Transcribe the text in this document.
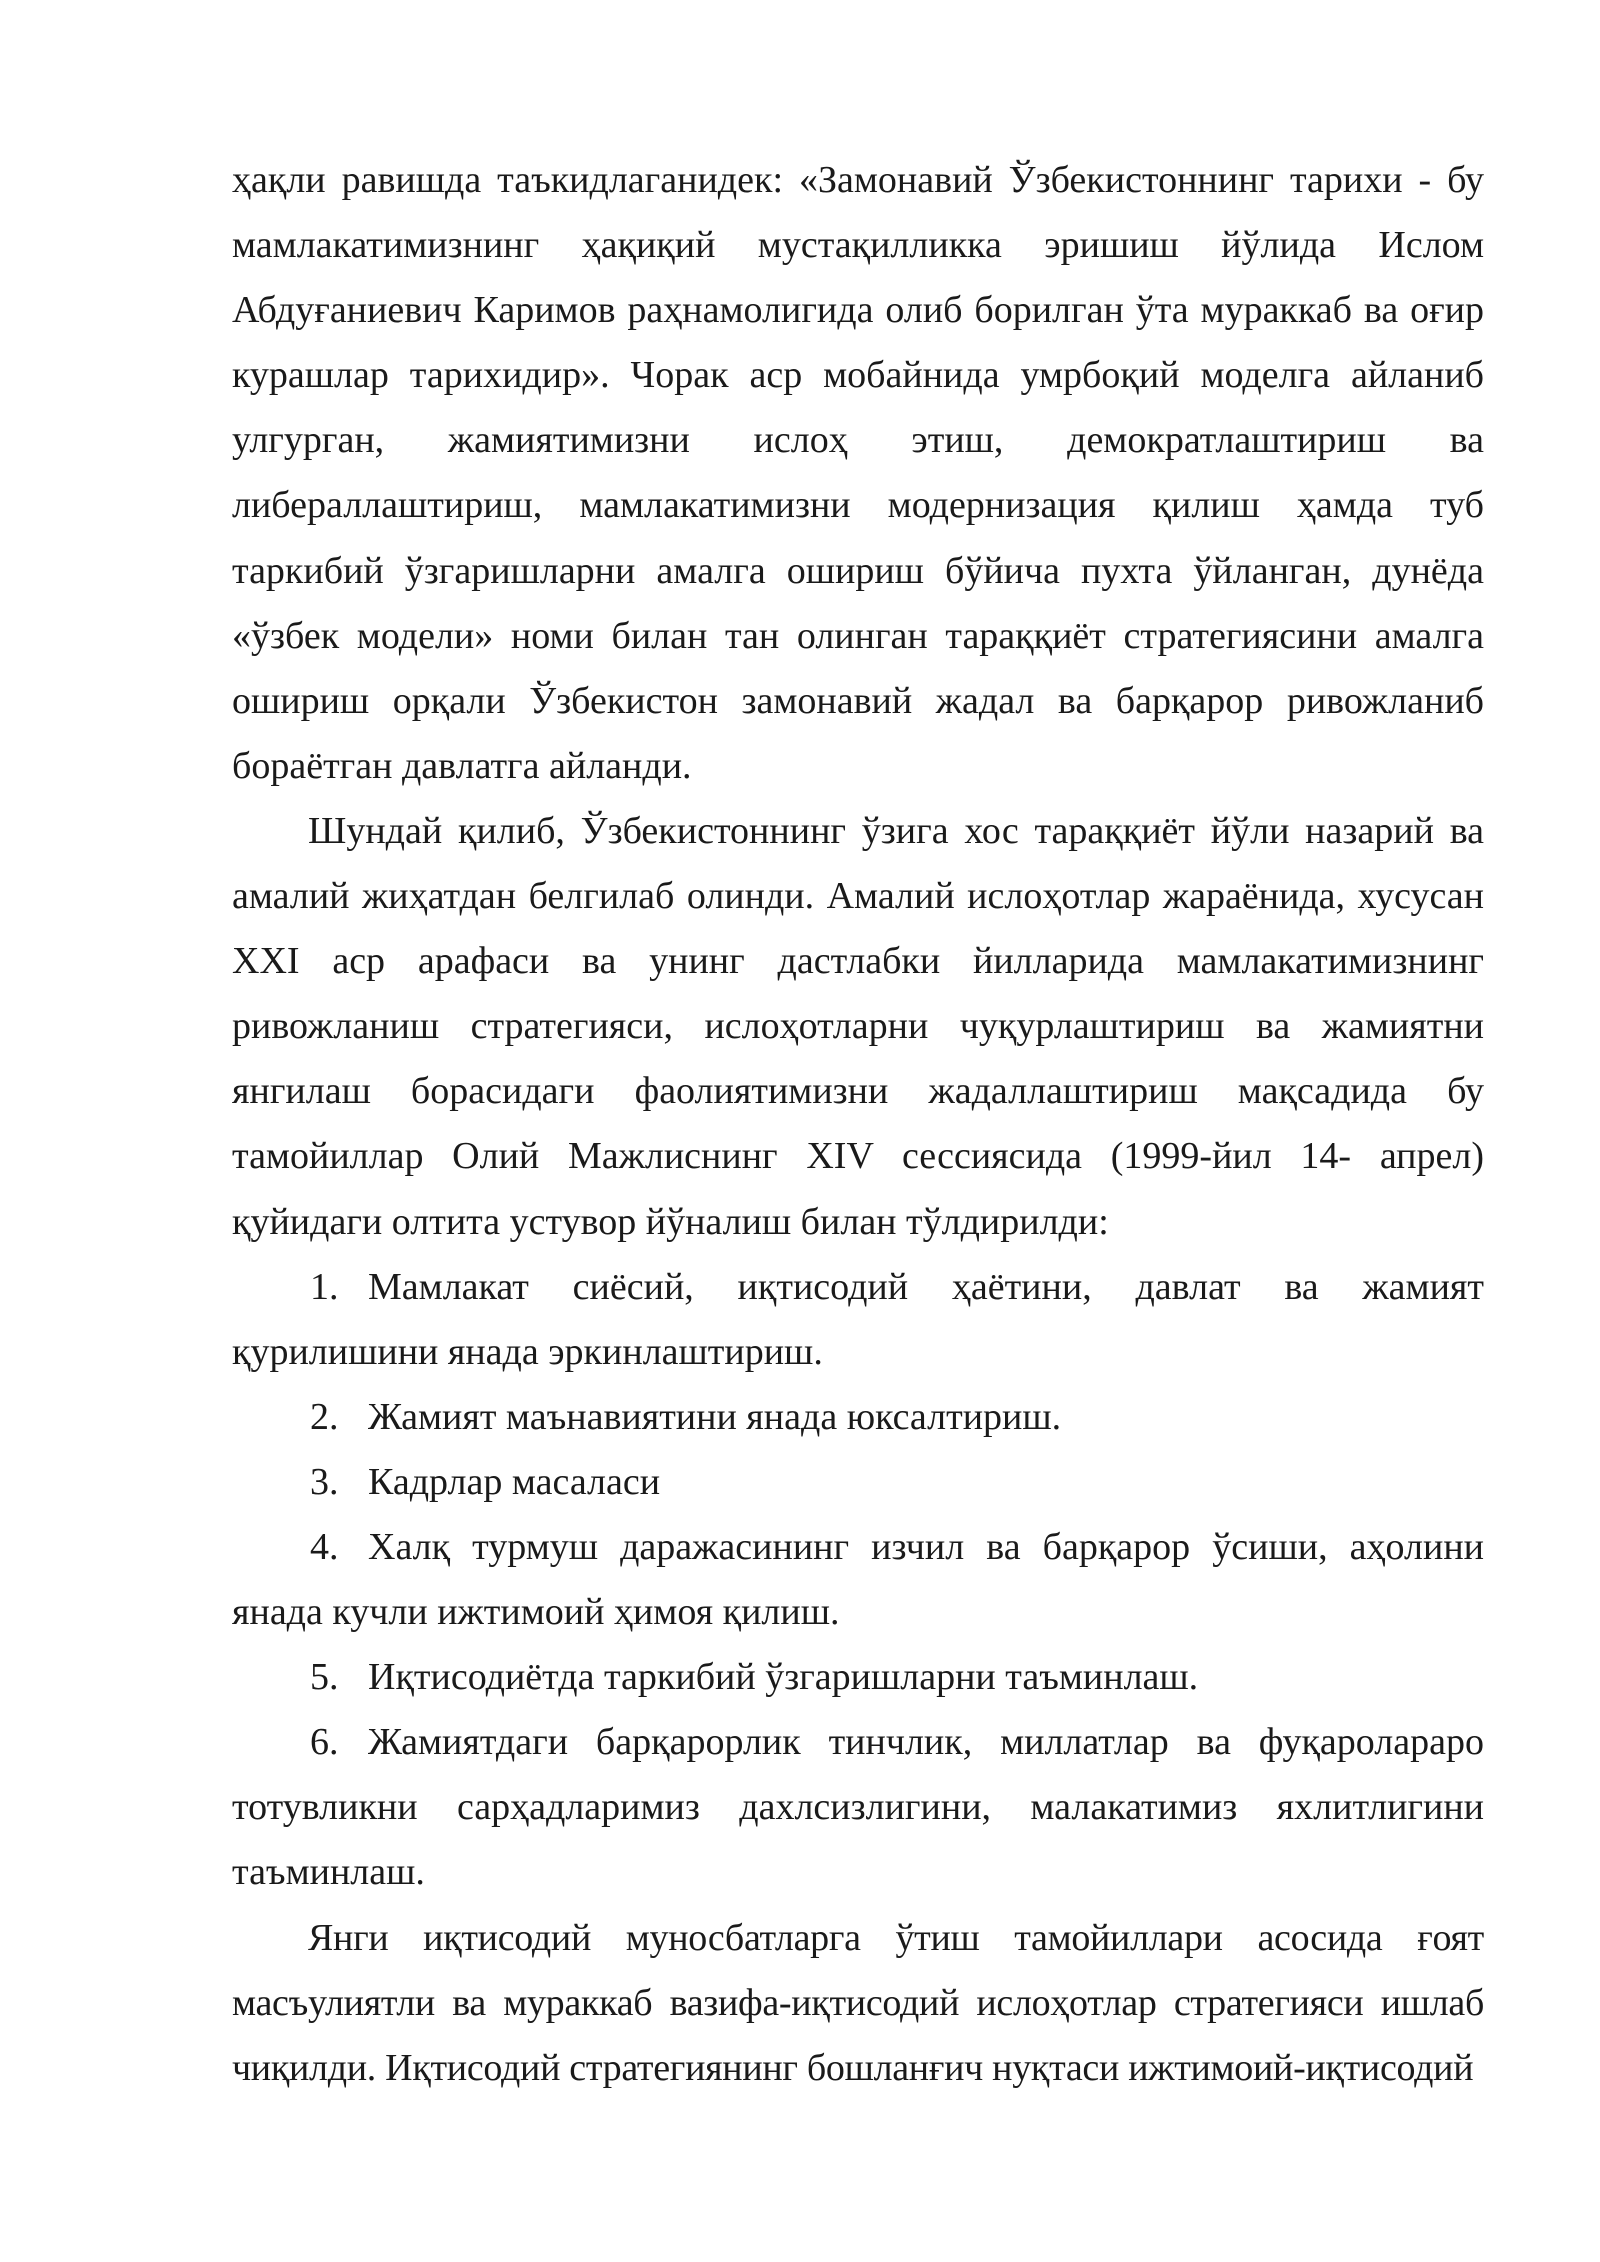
ҳақли равишда таъкидлаганидек: «Замонавий Ўзбекистоннинг тарихи - бу мамлакатимизнинг ҳақиқий мустақилликка эришиш йўлида Ислом Абдуғаниевич Каримов раҳнамолигида олиб борилган ўта мураккаб ва оғир курашлар тарихидир». Чорак аср мобайнида умрбоқий моделга айланиб улгурган, жамиятимизни ислоҳ этиш, демократлаштириш ва либераллаштириш, мамлакатимизни модернизация қилиш ҳамда туб таркибий ўзгаришларни амалга ошириш бўйича пухта ўйланган, дунёда «ўзбек модели» номи билан тан олинган тараққиёт стратегиясини амалга ошириш орқали Ўзбекистон замонавий жадал ва барқарор ривожланиб бораётган давлатга айланди.

Шундай қилиб, Ўзбекистоннинг ўзига хос тараққиёт йўли назарий ва амалий жиҳатдан белгилаб олинди. Амалий ислоҳотлар жараёнида, хусусан XXI аср арафаси ва унинг дастлабки йилларида мамлакатимизнинг ривожланиш стратегияси, ислоҳотларни чуқурлаштириш ва жамиятни янгилаш борасидаги фаолиятимизни жадаллаштириш мақсадида бу тамойиллар Олий Мажлиснинг XIV сессиясида (1999-йил 14- апрел) қуйидаги олтита устувор йўналиш билан тўлдирилди:

1. Мамлакат сиёсий, иқтисодий ҳаётини, давлат ва жамият қурилишини янада эркинлаштириш.

2. Жамият маънавиятини янада юксалтириш.

3. Кадрлар масаласи

4. Халқ турмуш даражасининг изчил ва барқарор ўсиши, аҳолини янада кучли ижтимоий ҳимоя қилиш.

5. Иқтисодиётда таркибий ўзгаришларни таъминлаш.

6. Жамиятдаги барқарорлик тинчлик, миллатлар ва фуқаролараро тотувликни сарҳадларимиз дахлсизлигини, малакатимиз яхлитлигини таъминлаш.

Янги иқтисодий муносбатларга ўтиш тамойиллари асосида ғоят масъулиятли ва мураккаб вазифа-иқтисодий ислоҳотлар стратегияси ишлаб чиқилди. Иқтисодий стратегиянинг бошланғич нуқтаси ижтимоий-иқтисодий
